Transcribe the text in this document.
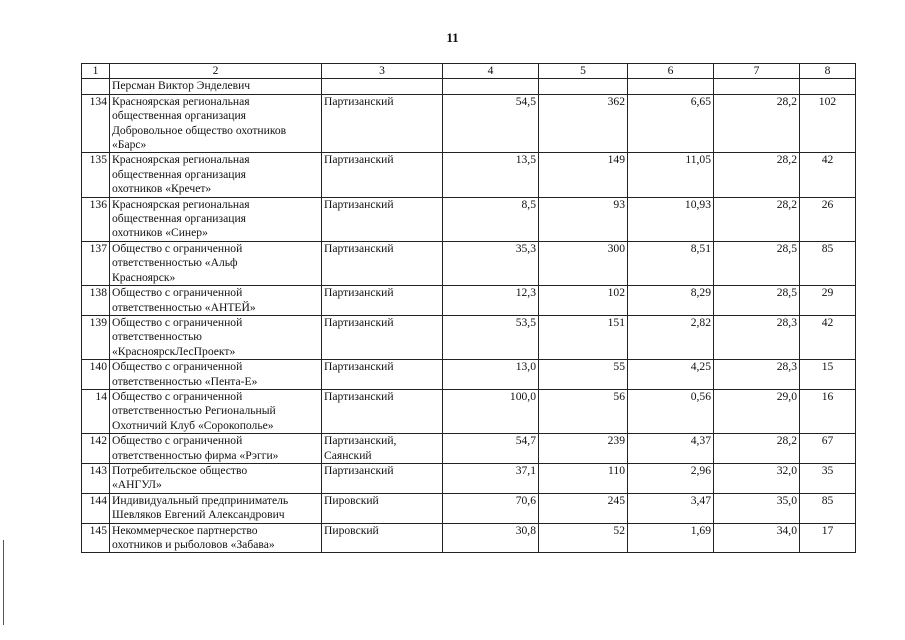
11
1	2	3	4	5	6	7	8
	Персман Виктор Энделевич						
134	Красноярская региональная
общественная организация
Добровольное общество охотников
«Барс»	Партизанский	54,5	362	6,65	28,2	102
135	Красноярская региональная
общественная организация
охотников «Кречет»	Партизанский	13,5	149	11,05	28,2	42
136	Красноярская региональная
общественная организация
охотников «Синер»	Партизанский	8,5	93	10,93	28,2	26
137	Общество с ограниченной
ответственностью «Альф
Красноярск»	Партизанский	35,3	300	8,51	28,5	85
138	Общество с ограниченной
ответственностью «АНТЕЙ»	Партизанский	12,3	102	8,29	28,5	29
139	Общество с ограниченной
ответственностью
«КрасноярскЛесПроект»	Партизанский	53,5	151	2,82	28,3	42
140	Общество с ограниченной
ответственностью «Пента-Е»	Партизанский	13,0	55	4,25	28,3	15
14	Общество с ограниченной
ответственностью Региональный
Охотничий Клуб «Сорокополье»	Партизанский	100,0	56	0,56	29,0	16
142	Общество с ограниченной
ответственностью фирма «Рэгги»	Партизанский,
Саянский	54,7	239	4,37	28,2	67
143	Потребительское общество
«АНГУЛ»	Партизанский	37,1	110	2,96	32,0	35
144	Индивидуальный предприниматель
Шевляков Евгений Александрович	Пировский	70,6	245	3,47	35,0	85
145	Некоммерческое партнерство
охотников и рыболовов «Забава»	Пировский	30,8	52	1,69	34,0	17
